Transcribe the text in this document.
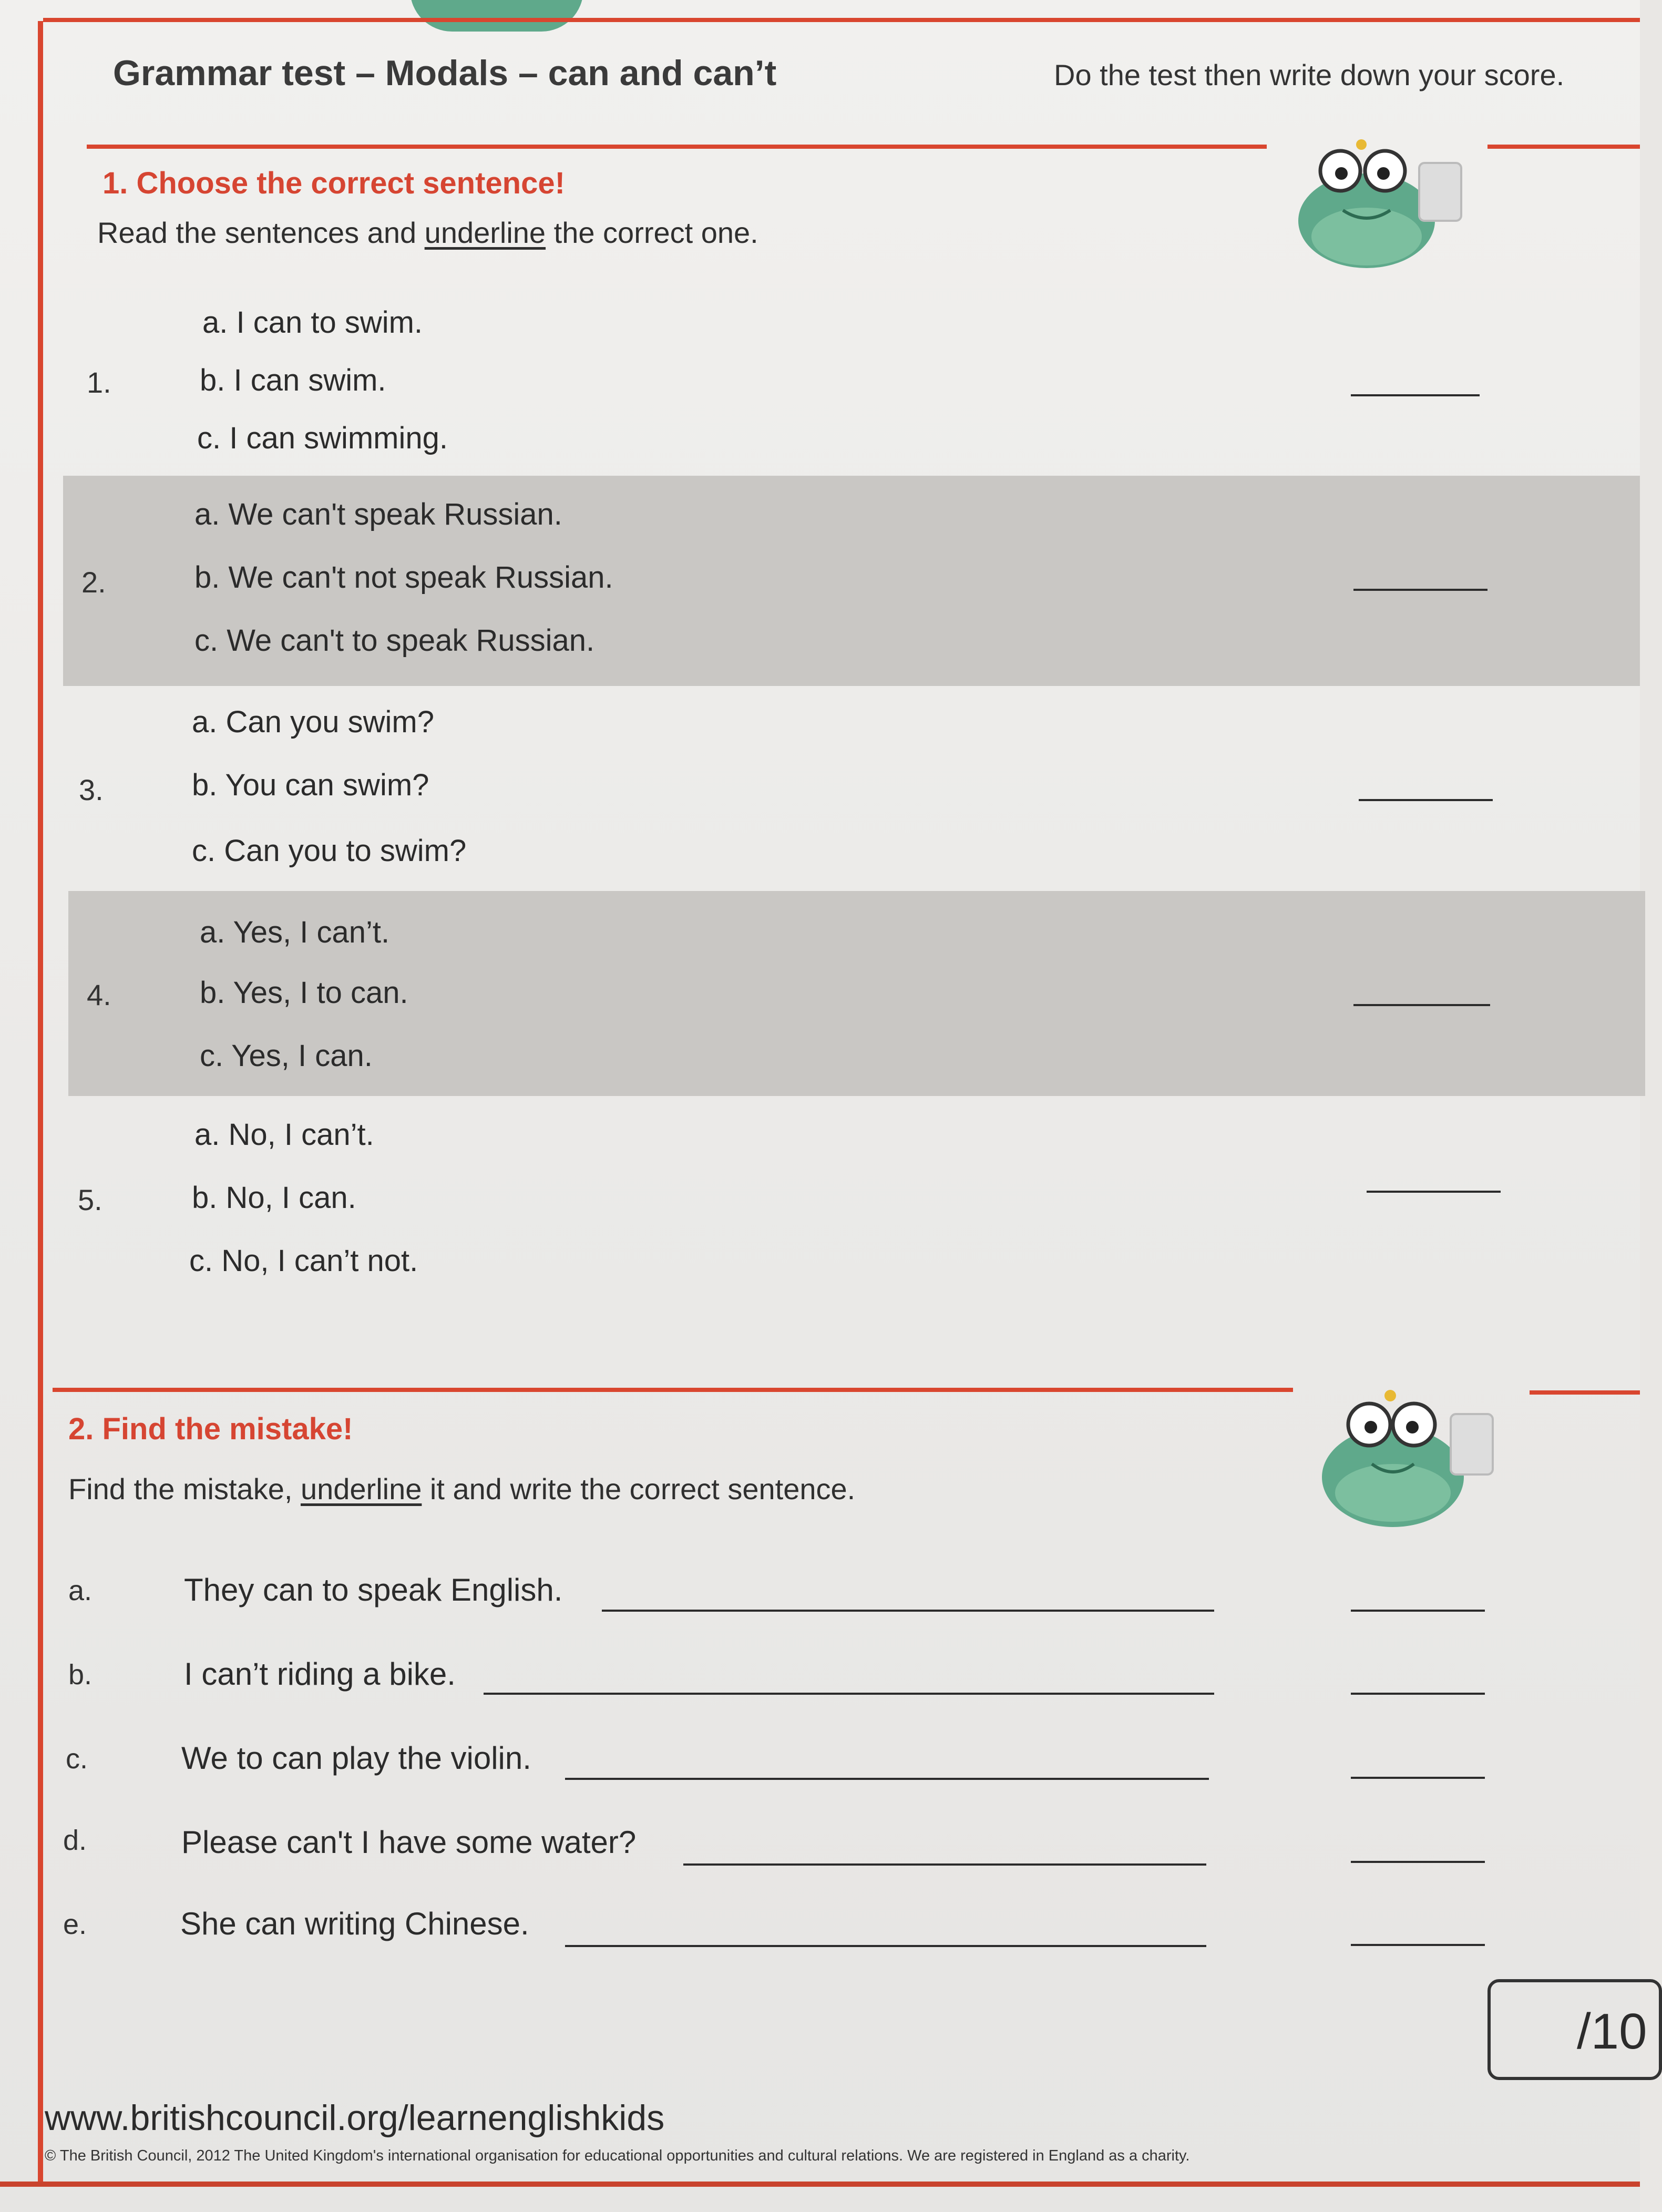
Grammar test – Modals – can and can’t	Do the test then write down your score.
1. Choose the correct sentence!
Read the sentences and underline the correct one.
a. I can to swim.
1.	b. I can swim.
c. I can swimming.
a. We can't speak Russian.
2.	b. We can't not speak Russian.
c. We can't to speak Russian.
a. Can you swim?
3.	b. You can swim?
c. Can you to swim?
a. Yes, I can’t.
4.	b. Yes, I to can.
c. Yes, I can.
a. No, I can’t.
5.	b. No, I can.
c. No, I can’t not.
2. Find the mistake!
Find the mistake, underline it and write the correct sentence.
a.	They can to speak English.
b.	I can’t riding a bike.
c.	We to can play the violin.
d.	Please can't I have some water?
e.	She can writing Chinese.
/10
www.britishcouncil.org/learnenglishkids
© The British Council, 2012 The United Kingdom's international organisation for educational opportunities and cultural relations. We are registered in England as a charity.
